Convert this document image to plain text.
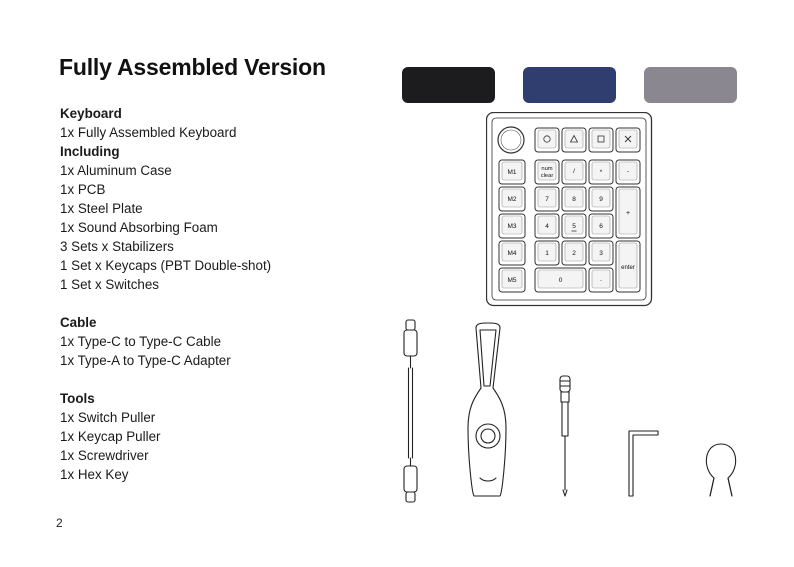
Fully Assembled Version
Keyboard
1x Fully Assembled Keyboard
Including
1x Aluminum Case
1x PCB
1x Steel Plate
1x Sound Absorbing Foam
3 Sets x Stabilizers
1 Set x Keycaps (PBT Double-shot)
1 Set x Switches
Cable
1x Type-C to Type-C Cable
1x Type-A to Type-C Adapter
Tools
1x Switch Puller
1x Keycap Puller
1x Screwdriver
1x Hex Key
M1
M2
M3
M4
M5
num
clear
/	*	-
7	8	9
+
4	5	6
1	2	3
enter
0	.
2
